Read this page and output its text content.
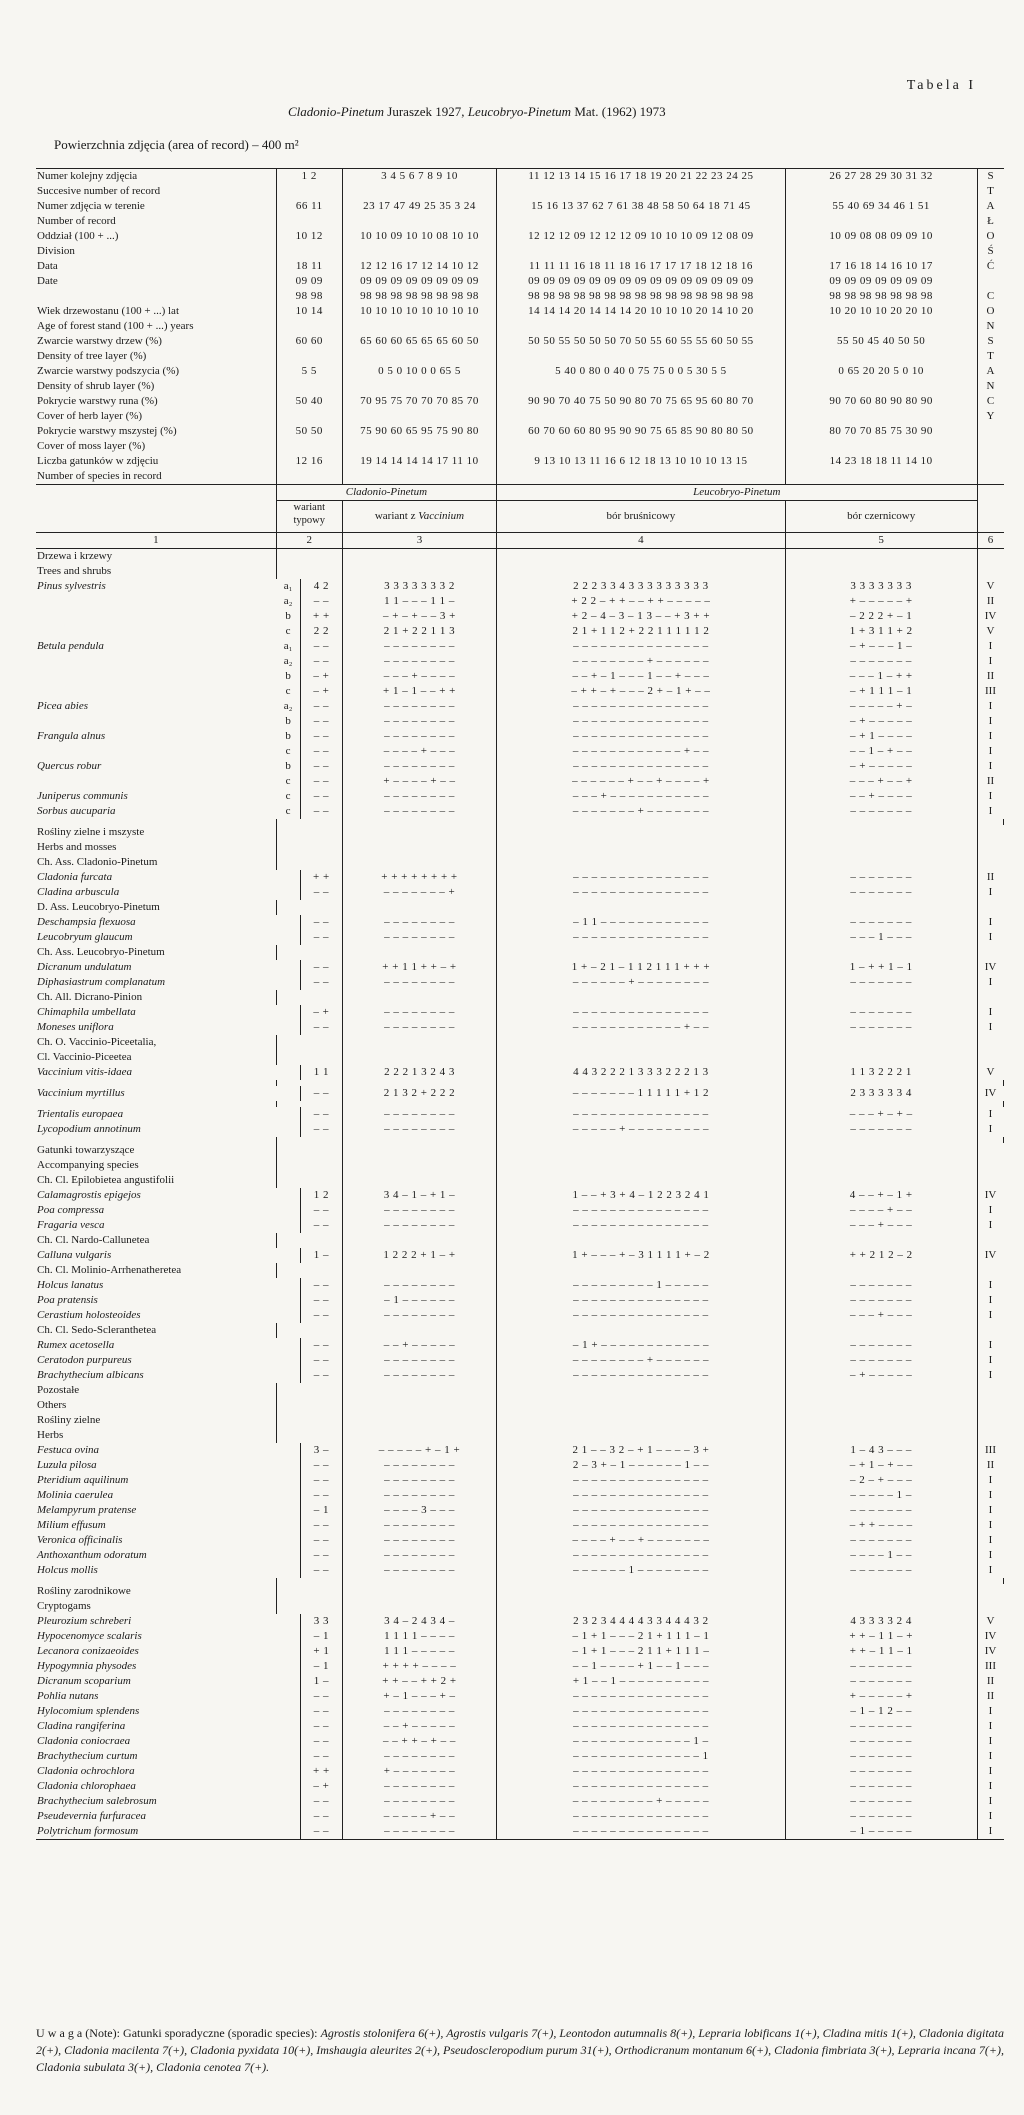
Tabela I
Cladonio-Pinetum Juraszek 1927, Leucobryo-Pinetum Mat. (1962) 1973
Powierzchnia zdjęcia (area of record) – 400 m²
Numer kolejny zdjęcia	1 2		3 4 5 6 7 8 9 10	11 12 13 14 15 16 17 18 19 20 21 22 23 24 25	26 27 28 29 30 31 32	S
Succesive number of record						T
Numer zdjęcia w terenie	66 11		23 17 47 49 25 35 3 24	15 16 13 37 62 7 61 38 48 58 50 64 18 71 45	55 40 69 34 46 1 51	A
Number of record						Ł
Oddział (100 + ...)	10 12		10 10 09 10 10 08 10 10	12 12 12 09 12 12 12 09 10 10 10 09 12 08 09	10 09 08 08 09 09 10	O
Division						Ś
Data	18 11		12 12 16 17 12 14 10 12	11 11 11 16 18 11 18 16 17 17 17 18 12 18 16	17 16 18 14 16 10 17	Ć
Date	09 09		09 09 09 09 09 09 09 09	09 09 09 09 09 09 09 09 09 09 09 09 09 09 09	09 09 09 09 09 09 09	
	98 98		98 98 98 98 98 98 98 98	98 98 98 98 98 98 98 98 98 98 98 98 98 98 98	98 98 98 98 98 98 98	C
Wiek drzewostanu (100 + ...) lat	10 14		10 10 10 10 10 10 10 10	14 14 14 20 14 14 14 20 10 10 10 20 14 10 20	10 20 10 10 20 20 10	O
Age of forest stand (100 + ...) years						N
Zwarcie warstwy drzew (%)	60 60		65 60 60 65 65 65 60 50	50 50 55 50 50 50 70 50 55 60 55 55 60 50 55	55 50 45 40 50 50	S
Density of tree layer (%)						T
Zwarcie warstwy podszycia (%)	5 5		0 5 0 10 0 0 65 5	5 40 0 80 0 40 0 75 75 0 0 5 30 5 5	0 65 20 20 5 0 10	A
Density of shrub layer (%)						N
Pokrycie warstwy runa (%)	50 40		70 95 75 70 70 70 85 70	90 90 70 40 75 50 90 80 70 75 65 95 60 80 70	90 70 60 80 90 80 90	C
Cover of herb layer (%)						Y
Pokrycie warstwy mszystej (%)	50 50		75 90 60 65 95 75 90 80	60 70 60 60 80 95 90 90 75 65 85 90 80 80 50	80 70 70 85 75 30 90	
Cover of moss layer (%)						
Liczba gatunków w zdjęciu	12 16		19 14 14 14 14 17 11 10	9 13 10 13 11 16 6 12 18 13 10 10 10 13 15	14 23 18 18 11 14 10	
Number of species in record						
	Cladonio-Pinetum			Leucobryo-Pinetum		
	wariant typowy		wariant z Vaccinium	bór bruśnicowy	bór czernicowy	
1	2		3	4	5	6
Drzewa i krzewy						
Trees and shrubs						
Pinus sylvestris	a₁	4 2	3 3 3 3 3 3 3 2	2 2 2 3 3 4 3 3 3 3 3 3 3 3 3	3 3 3 3 3 3 3	V
	a₂	– –	1 1 – – – 1 1 –	+ 2 2 – + + – – + + – – – – –	+ – – – – – +	II
	b	+ +	– + – + – – 3 +	+ 2 – 4 – 3 – 1 3 – – + 3 + +	– 2 2 2 + – 1	IV
	c	2 2	2 1 + 2 2 1 1 3	2 1 + 1 1 2 + 2 2 1 1 1 1 1 2	1 + 3 1 1 + 2	V
Betula pendula	a₁	– –	– – – – – – – –	– – – – – – – – – – – – – – –	– + – – – 1 –	I
	a₂	– –	– – – – – – – –	– – – – – – – – + – – – – – –	– – – – – – –	I
	b	– +	– – – + – – – –	– – + – 1 – – – 1 – – + – – –	– – – 1 – + +	II
	c	– +	+ 1 – 1 – – + +	– + + – + – – – 2 + – 1 + – –	– + 1 1 1 – 1	III
Picea abies	a₂	– –	– – – – – – – –	– – – – – – – – – – – – – – –	– – – – – + –	I
	b	– –	– – – – – – – –	– – – – – – – – – – – – – – –	– + – – – – –	I
Frangula alnus	b	– –	– – – – – – – –	– – – – – – – – – – – – – – –	– + 1 – – – –	I
	c	– –	– – – – + – – –	– – – – – – – – – – – – + – –	– – 1 – + – –	I
Quercus robur	b	– –	– – – – – – – –	– – – – – – – – – – – – – – –	– + – – – – –	I
	c	– –	+ – – – – + – –	– – – – – – + – – + – – – – +	– – – + – – +	II
Juniperus communis	c	– –	– – – – – – – –	– – – + – – – – – – – – – – –	– – + – – – –	I
Sorbus aucuparia	c	– –	– – – – – – – –	– – – – – – – + – – – – – – –	– – – – – – –	I

Rośliny zielne i mszyste						
Herbs and mosses						
Ch. Ass. Cladonio-Pinetum						
Cladonia furcata		+ +	+ + + + + + + +	– – – – – – – – – – – – – – –	– – – – – – –	II
Cladina arbuscula		– –	– – – – – – – +	– – – – – – – – – – – – – – –	– – – – – – –	I
D. Ass. Leucobryo-Pinetum						
Deschampsia flexuosa		– –	– – – – – – – –	– 1 1 – – – – – – – – – – – –	– – – – – – –	I
Leucobryum glaucum		– –	– – – – – – – –	– – – – – – – – – – – – – – –	– – – 1 – – –	I
Ch. Ass. Leucobryo-Pinetum						
Dicranum undulatum		– –	+ + 1 1 + + – +	1 + – 2 1 – 1 1 2 1 1 1 + + +	1 – + + 1 – 1	IV
Diphasiastrum complanatum		– –	– – – – – – – –	– – – – – – + – – – – – – – –	– – – – – – –	I
Ch. All. Dicrano-Pinion						
Chimaphila umbellata		– +	– – – – – – – –	– – – – – – – – – – – – – – –	– – – – – – –	I
Moneses uniflora		– –	– – – – – – – –	– – – – – – – – – – – – + – –	– – – – – – –	I
Ch. O. Vaccinio-Piceetalia,						
Cl. Vaccinio-Piceetea						
Vaccinium vitis-idaea		1 1	2 2 2 1 3 2 4 3	4 4 3 2 2 2 1 3 3 3 2 2 2 1 3	1 1 3 2 2 2 1	V

Vaccinium myrtillus		– –	2 1 3 2 + 2 2 2	– – – – – – – 1 1 1 1 1 + 1 2	2 3 3 3 3 3 4	IV

Trientalis europaea		– –	– – – – – – – –	– – – – – – – – – – – – – – –	– – – + – + –	I
Lycopodium annotinum		– –	– – – – – – – –	– – – – – + – – – – – – – – –	– – – – – – –	I

Gatunki towarzyszące						
Accompanying species						
Ch. Cl. Epilobietea angustifolii						
Calamagrostis epigejos		1 2	3 4 – 1 – + 1 –	1 – – + 3 + 4 – 1 2 2 3 2 4 1	4 – – + – 1 +	IV
Poa compressa		– –	– – – – – – – –	– – – – – – – – – – – – – – –	– – – – + – –	I
Fragaria vesca		– –	– – – – – – – –	– – – – – – – – – – – – – – –	– – – + – – –	I
Ch. Cl. Nardo-Callunetea						
Calluna vulgaris		1 –	1 2 2 2 + 1 – +	1 + – – – + – 3 1 1 1 1 + – 2	+ + 2 1 2 – 2	IV
Ch. Cl. Molinio-Arrhenatheretea						
Holcus lanatus		– –	– – – – – – – –	– – – – – – – – – 1 – – – – –	– – – – – – –	I
Poa pratensis		– –	– 1 – – – – – –	– – – – – – – – – – – – – – –	– – – – – – –	I
Cerastium holosteoides		– –	– – – – – – – –	– – – – – – – – – – – – – – –	– – – + – – –	I
Ch. Cl. Sedo-Scleranthetea						
Rumex acetosella		– –	– – + – – – – –	– 1 + – – – – – – – – – – – –	– – – – – – –	I
Ceratodon purpureus		– –	– – – – – – – –	– – – – – – – – + – – – – – –	– – – – – – –	I
Brachythecium albicans		– –	– – – – – – – –	– – – – – – – – – – – – – – –	– + – – – – –	I
Pozostałe						
Others						
Rośliny zielne						
Herbs						
Festuca ovina		3 –	– – – – – + – 1 +	2 1 – – 3 2 – + 1 – – – – 3 +	1 – 4 3 – – –	III
Luzula pilosa		– –	– – – – – – – –	2 – 3 + – 1 – – – – – – 1 – –	– + 1 – + – –	II
Pteridium aquilinum		– –	– – – – – – – –	– – – – – – – – – – – – – – –	– 2 – + – – –	I
Molinia caerulea		– –	– – – – – – – –	– – – – – – – – – – – – – – –	– – – – – 1 –	I
Melampyrum pratense		– 1	– – – – 3 – – –	– – – – – – – – – – – – – – –	– – – – – – –	I
Milium effusum		– –	– – – – – – – –	– – – – – – – – – – – – – – –	– + + – – – –	I
Veronica officinalis		– –	– – – – – – – –	– – – – + – – + – – – – – – –	– – – – – – –	I
Anthoxanthum odoratum		– –	– – – – – – – –	– – – – – – – – – – – – – – –	– – – – 1 – –	I
Holcus mollis		– –	– – – – – – – –	– – – – – – 1 – – – – – – – –	– – – – – – –	I

Rośliny zarodnikowe						
Cryptogams						
Pleurozium schreberi		3 3	3 4 – 2 4 3 4 –	2 3 2 3 4 4 4 4 3 3 4 4 4 3 2	4 3 3 3 3 2 4	V
Hypocenomyce scalaris		– 1	1 1 1 1 – – – –	– 1 + 1 – – – 2 1 + 1 1 1 – 1	+ + – 1 1 – +	IV
Lecanora conizaeoides		+ 1	1 1 1 – – – – –	– 1 + 1 – – – 2 1 1 + 1 1 1 –	+ + – 1 1 – 1	IV
Hypogymnia physodes		– 1	+ + + + – – – –	– – 1 – – – – + 1 – – 1 – – –	– – – – – – –	III
Dicranum scoparium		1 –	+ + – – + + 2 +	+ 1 – – 1 – – – – – – – – – –	– – – – – – –	II
Pohlia nutans		– –	+ – 1 – – – + –	– – – – – – – – – – – – – – –	+ – – – – – +	II
Hylocomium splendens		– –	– – – – – – – –	– – – – – – – – – – – – – – –	– 1 – 1 2 – –	I
Cladina rangiferina		– –	– – + – – – – –	– – – – – – – – – – – – – – –	– – – – – – –	I
Cladonia coniocraea		– –	– – + + – + – –	– – – – – – – – – – – – – 1 –	– – – – – – –	I
Brachythecium curtum		– –	– – – – – – – –	– – – – – – – – – – – – – – 1	– – – – – – –	I
Cladonia ochrochlora		+ +	+ – – – – – – –	– – – – – – – – – – – – – – –	– – – – – – –	I
Cladonia chlorophaea		– +	– – – – – – – –	– – – – – – – – – – – – – – –	– – – – – – –	I
Brachythecium salebrosum		– –	– – – – – – – –	– – – – – – – – – + – – – – –	– – – – – – –	I
Pseudevernia furfuracea		– –	– – – – – + – –	– – – – – – – – – – – – – – –	– – – – – – –	I
Polytrichum formosum		– –	– – – – – – – –	– – – – – – – – – – – – – – –	– 1 – – – – –	I
U w a g a (Note): Gatunki sporadyczne (sporadic species): Agrostis stolonifera 6(+), Agrostis vulgaris 7(+), Leontodon autumnalis 8(+), Lepraria lobificans 1(+), Cladina mitis 1(+), Cladonia digitata 2(+), Cladonia macilenta 7(+), Cladonia pyxidata 10(+), Imshaugia aleurites 2(+), Pseudoscleropodium purum 31(+), Orthodicranum montanum 6(+), Cladonia fimbriata 3(+), Lepraria incana 7(+), Cladonia subulata 3(+), Cladonia cenotea 7(+).
